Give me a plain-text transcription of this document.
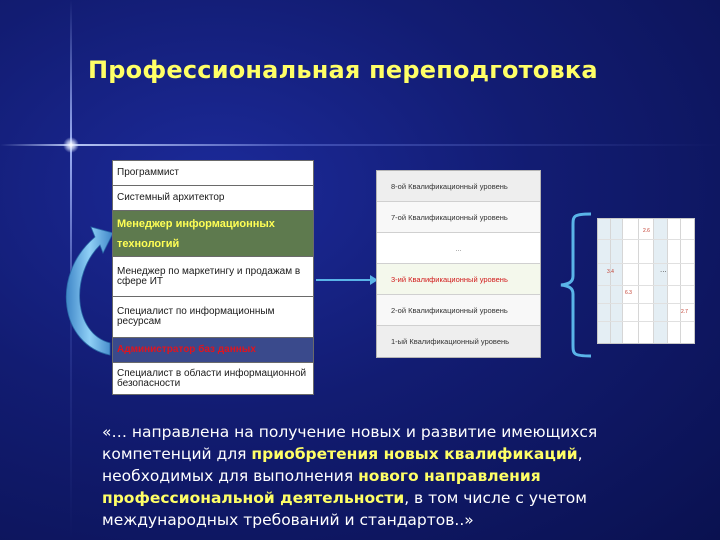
Профессиональная переподготовка
Программист
Системный архитектор
Менеджер информационных технологий
Менеджер по маркетингу и продажам в сфере ИТ
Специалист по информационным ресурсам
Администратор баз данных
Специалист в области информационной безопасности
8-ой Квалификационный уровень
7-ой Квалификационный уровень
...
3-ий Квалификационный уровень
2-ой Квалификационный уровень
1-ый Квалификационный уровень
2.6
3.4
6.3
2.7
...
«… направлена на получение новых и развитие имеющихся компетенций для приобретения новых квалификаций, необходимых для выполнения нового направления профессиональной деятельности, в том числе с учетом международных требований и стандартов..»
